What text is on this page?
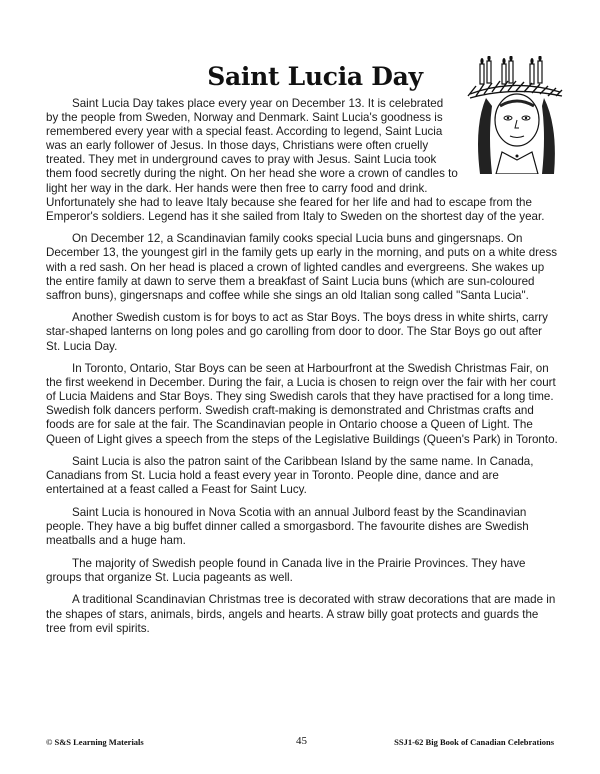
Saint Lucia Day

Saint Lucia Day takes place every year on December 13. It is celebrated by the people from Sweden, Norway and Denmark. Saint Lucia's goodness is remembered every year with a special feast. According to legend, Saint Lucia was an early follower of Jesus. In those days, Christians were often cruelly treated. They met in underground caves to pray with Jesus. Saint Lucia took them food secretly during the night. On her head she wore a crown of candles to light her way in the dark. Her hands were then free to carry food and drink.

Unfortunately she had to leave Italy because she feared for her life and had to escape from the Emperor's soldiers. Legend has it she sailed from Italy to Sweden on the shortest day of the year.

On December 12, a Scandinavian family cooks special Lucia buns and gingersnaps. On December 13, the youngest girl in the family gets up early in the morning, and puts on a white dress with a red sash. On her head is placed a crown of lighted candles and evergreens. She wakes up the entire family at dawn to serve them a breakfast of Saint Lucia buns (which are sun-coloured saffron buns), gingersnaps and coffee while she sings an old Italian song called "Santa Lucia".

Another Swedish custom is for boys to act as Star Boys. The boys dress in white shirts, carry star-shaped lanterns on long poles and go carolling from door to door. The Star Boys go out after St. Lucia Day.

In Toronto, Ontario, Star Boys can be seen at Harbourfront at the Swedish Christmas Fair, on the first weekend in December. During the fair, a Lucia is chosen to reign over the fair with her court of Lucia Maidens and Star Boys. They sing Swedish carols that they have practised for a long time. Swedish folk dancers perform. Swedish craft-making is demonstrated and Christmas crafts and foods are for sale at the fair. The Scandinavian people in Ontario choose a Queen of Light. The Queen of Light gives a speech from the steps of the Legislative Buildings (Queen's Park) in Toronto.

Saint Lucia is also the patron saint of the Caribbean Island by the same name. In Canada, Canadians from St. Lucia hold a feast every year in Toronto. People dine, dance and are entertained at a feast called a Feast for Saint Lucy.

Saint Lucia is honoured in Nova Scotia with an annual Julbord feast by the Scandinavian people. They have a big buffet dinner called a smorgasbord. The favourite dishes are Swedish meatballs and a huge ham.

The majority of Swedish people found in Canada live in the Prairie Provinces. They have groups that organize St. Lucia pageants as well.

A traditional Scandinavian Christmas tree is decorated with straw decorations that are made in the shapes of stars, animals, birds, angels and hearts. A straw billy goat protects and guards the tree from evil spirits.

© S&S Learning Materials	45	SSJ1-62 Big Book of Canadian Celebrations
